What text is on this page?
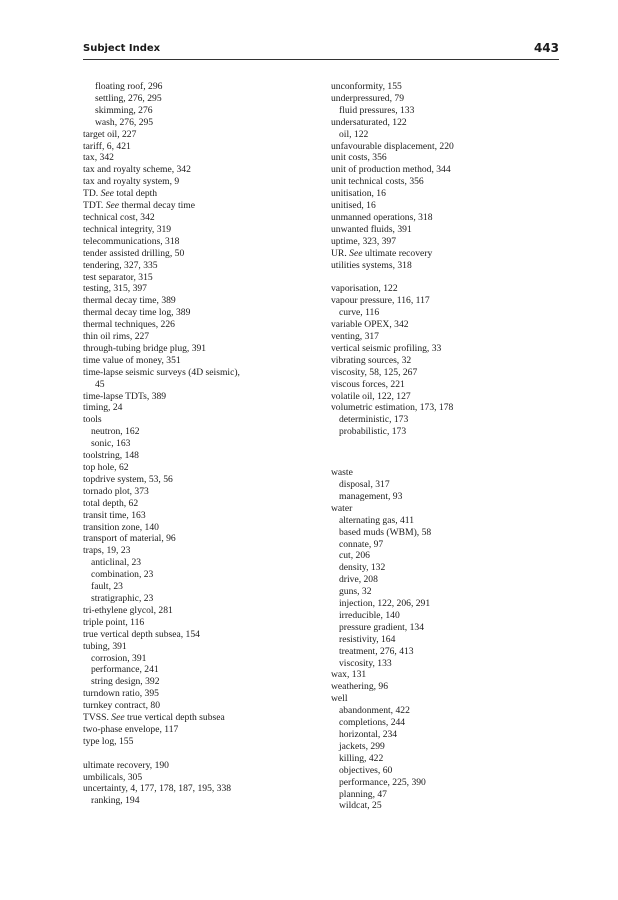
Subject Index	443
floating roof, 296
settling, 276, 295
skimming, 276
wash, 276, 295
target oil, 227
tariff, 6, 421
tax, 342
tax and royalty scheme, 342
tax and royalty system, 9
TD. See total depth
TDT. See thermal decay time
technical cost, 342
technical integrity, 319
telecommunications, 318
tender assisted drilling, 50
tendering, 327, 335
test separator, 315
testing, 315, 397
thermal decay time, 389
thermal decay time log, 389
thermal techniques, 226
thin oil rims, 227
through-tubing bridge plug, 391
time value of money, 351
time-lapse seismic surveys (4D seismic),
45
time-lapse TDTs, 389
timing, 24
tools
neutron, 162
sonic, 163
toolstring, 148
top hole, 62
topdrive system, 53, 56
tornado plot, 373
total depth, 62
transit time, 163
transition zone, 140
transport of material, 96
traps, 19, 23
anticlinal, 23
combination, 23
fault, 23
stratigraphic, 23
tri-ethylene glycol, 281
triple point, 116
true vertical depth subsea, 154
tubing, 391
corrosion, 391
performance, 241
string design, 392
turndown ratio, 395
turnkey contract, 80
TVSS. See true vertical depth subsea
two-phase envelope, 117
type log, 155
ultimate recovery, 190
umbilicals, 305
uncertainty, 4, 177, 178, 187, 195, 338
ranking, 194
unconformity, 155
underpressured, 79
fluid pressures, 133
undersaturated, 122
oil, 122
unfavourable displacement, 220
unit costs, 356
unit of production method, 344
unit technical costs, 356
unitisation, 16
unitised, 16
unmanned operations, 318
unwanted fluids, 391
uptime, 323, 397
UR. See ultimate recovery
utilities systems, 318
vaporisation, 122
vapour pressure, 116, 117
curve, 116
variable OPEX, 342
venting, 317
vertical seismic profiling, 33
vibrating sources, 32
viscosity, 58, 125, 267
viscous forces, 221
volatile oil, 122, 127
volumetric estimation, 173, 178
deterministic, 173
probabilistic, 173
waste
disposal, 317
management, 93
water
alternating gas, 411
based muds (WBM), 58
connate, 97
cut, 206
density, 132
drive, 208
guns, 32
injection, 122, 206, 291
irreducible, 140
pressure gradient, 134
resistivity, 164
treatment, 276, 413
viscosity, 133
wax, 131
weathering, 96
well
abandonment, 422
completions, 244
horizontal, 234
jackets, 299
killing, 422
objectives, 60
performance, 225, 390
planning, 47
wildcat, 25
